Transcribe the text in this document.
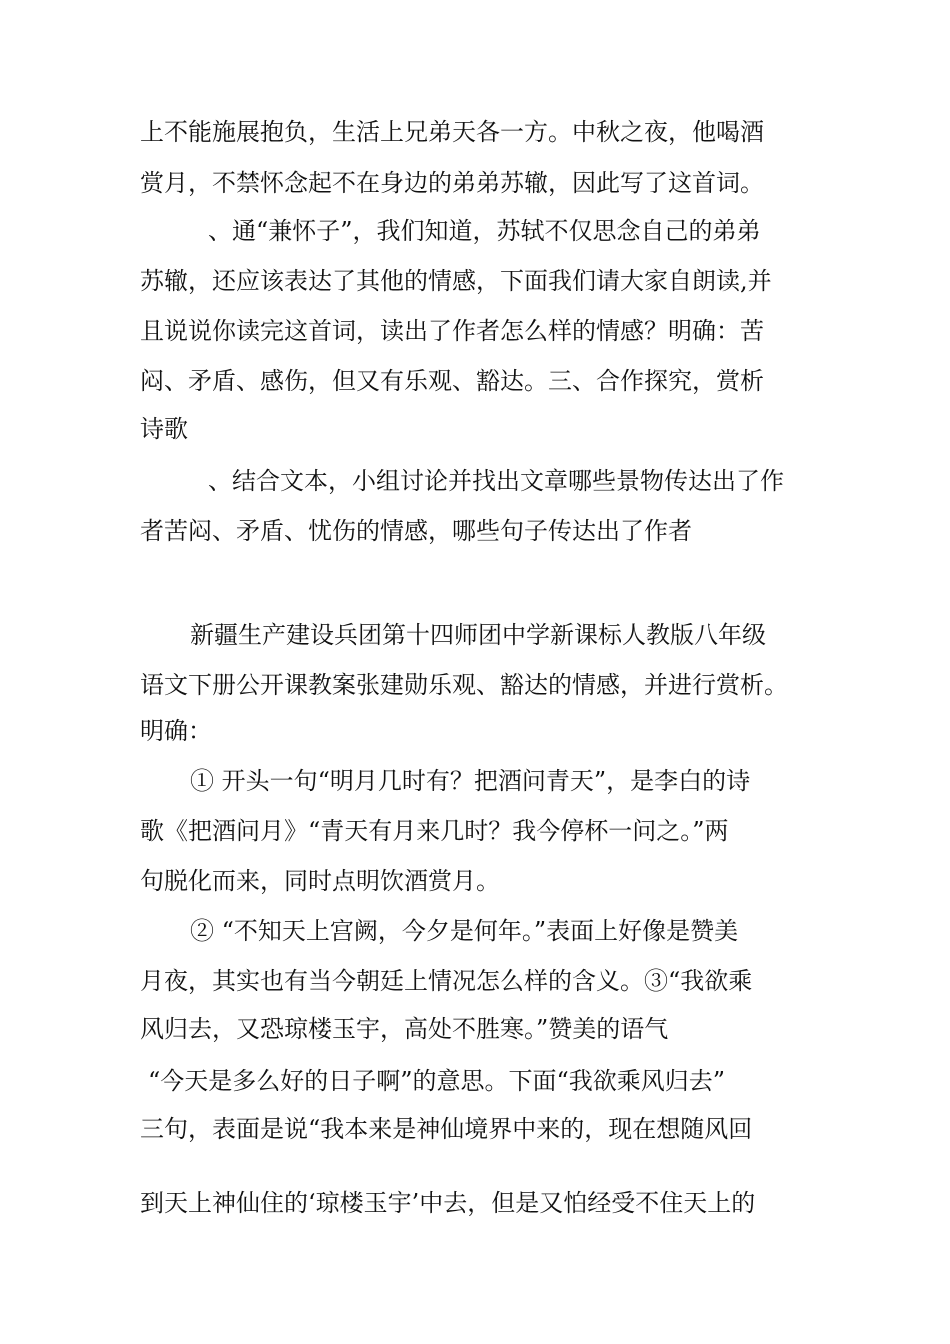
上不能施展抱负，生活上兄弟天各一方。中秋之夜，他喝酒
赏月，不禁怀念起不在身边的弟弟苏辙，因此写了这首词。
、通“兼怀子”，我们知道，苏轼不仅思念自己的弟弟
苏辙，还应该表达了其他的情感，下面我们请大家自朗读,并
且说说你读完这首词，读出了作者怎么样的情感？明确：苦
闷、矛盾、感伤，但又有乐观、豁达。三、合作探究，赏析
诗歌
、结合文本，小组讨论并找出文章哪些景物传达出了作
者苦闷、矛盾、忧伤的情感，哪些句子传达出了作者
新疆生产建设兵团第十四师团中学新课标人教版八年级
语文下册公开课教案张建勋乐观、豁达的情感，并进行赏析。
明确：
① 开头一句“明月几时有？把酒问青天”，是李白的诗
歌《把酒问月》“青天有月来几时？我今停杯一问之。”两
句脱化而来，同时点明饮酒赏月。
② “不知天上宫阙，今夕是何年。”表面上好像是赞美
月夜，其实也有当今朝廷上情况怎么样的含义。③“我欲乘
风归去，又恐琼楼玉宇，高处不胜寒。”赞美的语气
“今天是多么好的日子啊”的意思。下面“我欲乘风归去”
三句，表面是说“我本来是神仙境界中来的，现在想随风回
到天上神仙住的‘琼楼玉宇’中去，但是又怕经受不住天上的
